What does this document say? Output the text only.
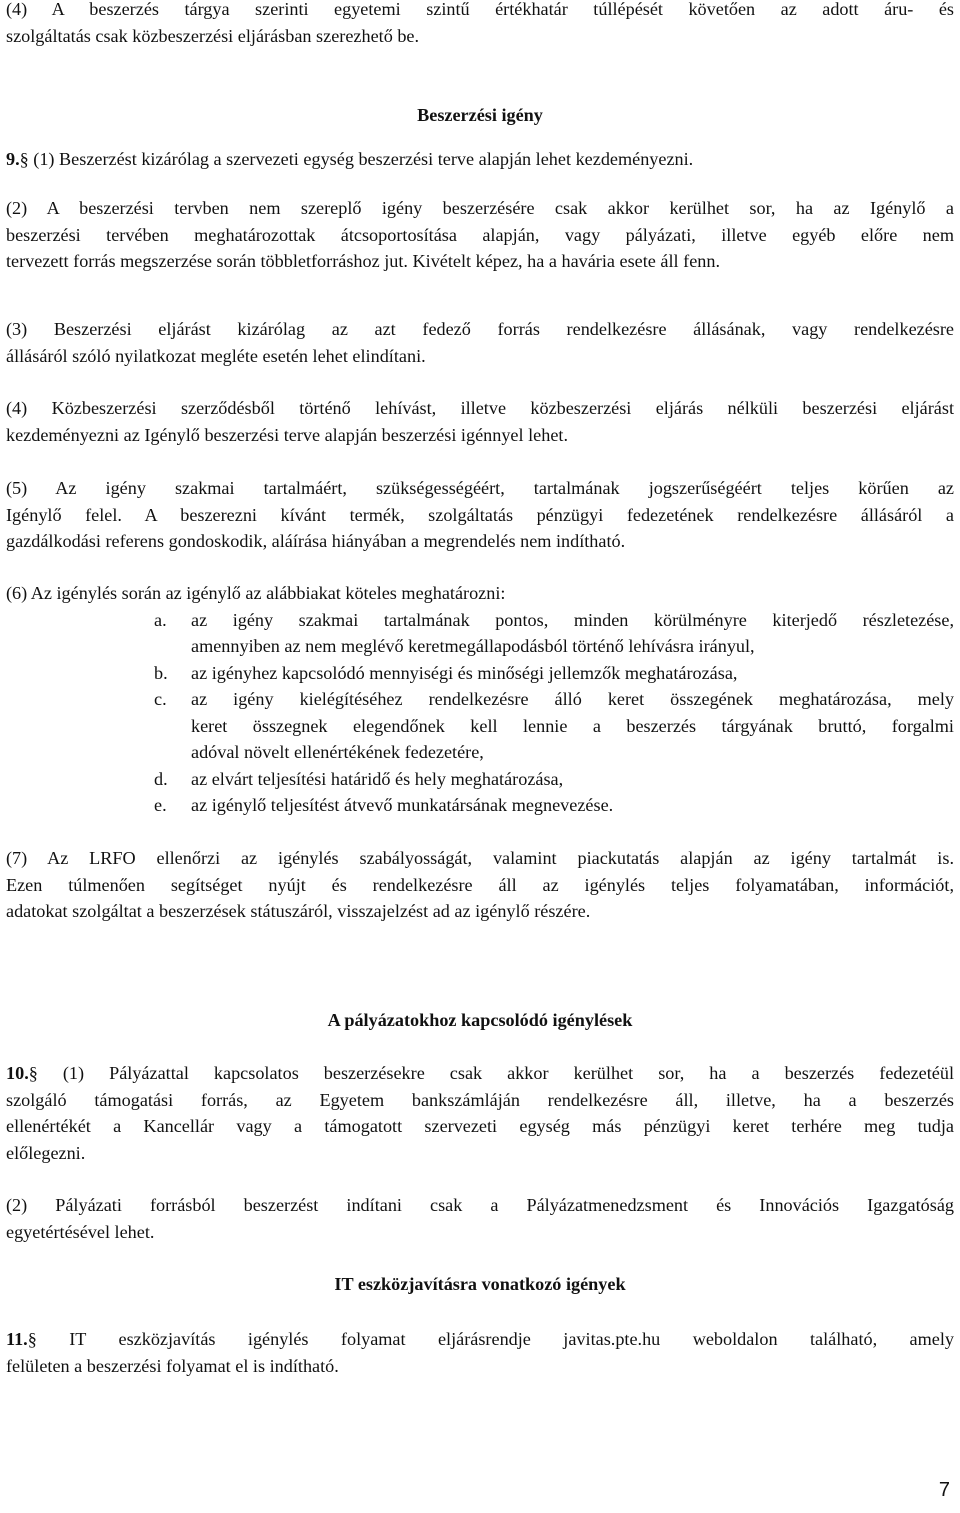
(4) A beszerzés tárgya szerinti egyetemi szintű értékhatár túllépését követően az adott áru- és
szolgáltatás csak közbeszerzési eljárásban szerezhető be.

Beszerzési igény

9.§ (1) Beszerzést kizárólag a szervezeti egység beszerzési terve alapján lehet kezdeményezni.

(2) A beszerzési tervben nem szereplő igény beszerzésére csak akkor kerülhet sor, ha az Igénylő a
beszerzési tervében meghatározottak átcsoportosítása alapján, vagy pályázati, illetve egyéb előre nem
tervezett forrás megszerzése során többletforráshoz jut. Kivételt képez, ha a havária esete áll fenn.

(3) Beszerzési eljárást kizárólag az azt fedező forrás rendelkezésre állásának, vagy rendelkezésre
állásáról szóló nyilatkozat megléte esetén lehet elindítani.

(4) Közbeszerzési szerződésből történő lehívást, illetve közbeszerzési eljárás nélküli beszerzési eljárást
kezdeményezni az Igénylő beszerzési terve alapján beszerzési igénnyel lehet.

(5) Az igény szakmai tartalmáért, szükségességéért, tartalmának jogszerűségéért teljes körűen az
Igénylő felel. A beszerezni kívánt termék, szolgáltatás pénzügyi fedezetének rendelkezésre állásáról a
gazdálkodási referens gondoskodik, aláírása hiányában a megrendelés nem indítható.

(6) Az igénylés során az igénylő az alábbiakat köteles meghatározni:
a. az igény szakmai tartalmának pontos, minden körülményre kiterjedő részletezése,
amennyiben az nem meglévő keretmegállapodásból történő lehívásra irányul,
b. az igényhez kapcsolódó mennyiségi és minőségi jellemzők meghatározása,
c. az igény kielégítéséhez rendelkezésre álló keret összegének meghatározása, mely
keret összegnek elegendőnek kell lennie a beszerzés tárgyának bruttó, forgalmi
adóval növelt ellenértékének fedezetére,
d. az elvárt teljesítési határidő és hely meghatározása,
e. az igénylő teljesítést átvevő munkatársának megnevezése.

(7) Az LRFO ellenőrzi az igénylés szabályosságát, valamint piackutatás alapján az igény tartalmát is.
Ezen túlmenően segítséget nyújt és rendelkezésre áll az igénylés teljes folyamatában, információt,
adatokat szolgáltat a beszerzések státuszáról, visszajelzést ad az igénylő részére.

A pályázatokhoz kapcsolódó igénylések

10.§ (1) Pályázattal kapcsolatos beszerzésekre csak akkor kerülhet sor, ha a beszerzés fedezetéül
szolgáló támogatási forrás, az Egyetem bankszámláján rendelkezésre áll, illetve, ha a beszerzés
ellenértékét a Kancellár vagy a támogatott szervezeti egység más pénzügyi keret terhére meg tudja
előlegezni.

(2) Pályázati forrásból beszerzést indítani csak a Pályázatmenedzsment és Innovációs Igazgatóság
egyetértésével lehet.

IT eszközjavításra vonatkozó igények

11.§ IT eszközjavítás igénylés folyamat eljárásrendje javitas.pte.hu weboldalon található, amely
felületen a beszerzési folyamat el is indítható.

7
